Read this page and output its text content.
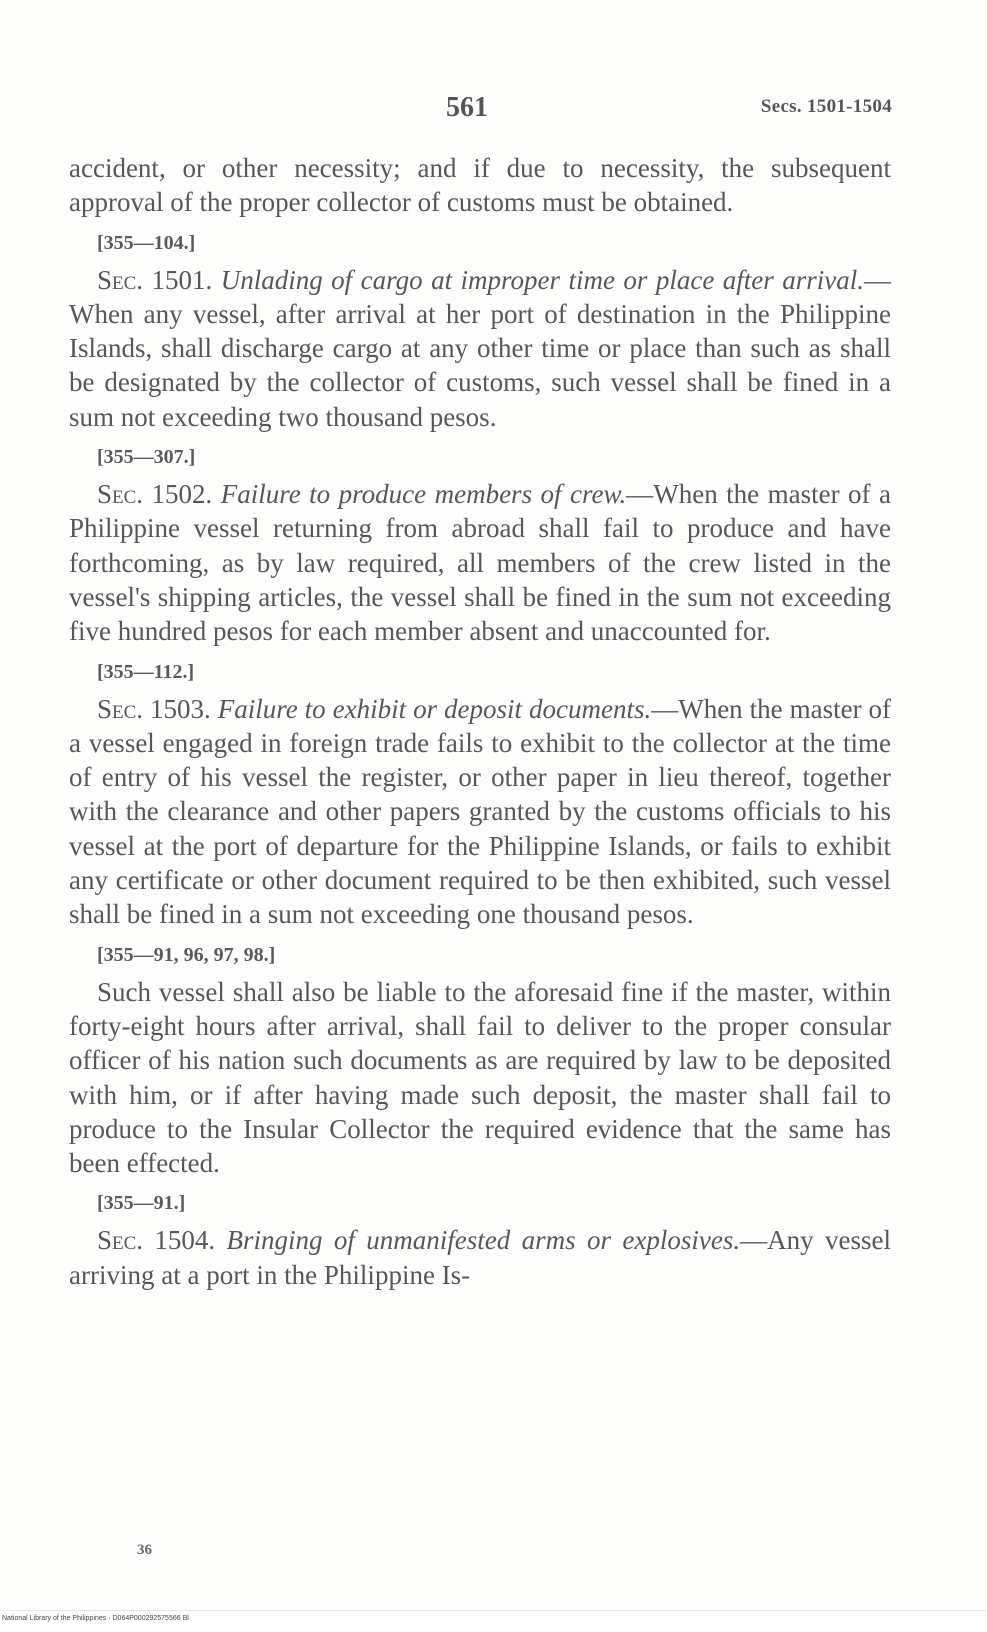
561	Secs. 1501-1504

accident, or other necessity; and if due to necessity, the subsequent approval of the proper collector of customs must be obtained.

[355—104.]

Sec. 1501. Unlading of cargo at improper time or place after arrival.—When any vessel, after arrival at her port of destination in the Philippine Islands, shall discharge cargo at any other time or place than such as shall be designated by the collector of customs, such vessel shall be fined in a sum not exceeding two thousand pesos.

[355—307.]

Sec. 1502. Failure to produce members of crew.—When the master of a Philippine vessel returning from abroad shall fail to produce and have forthcoming, as by law required, all members of the crew listed in the vessel's shipping articles, the vessel shall be fined in the sum not exceeding five hundred pesos for each member absent and unaccounted for.

[355—112.]

Sec. 1503. Failure to exhibit or deposit documents.—When the master of a vessel engaged in foreign trade fails to exhibit to the collector at the time of entry of his vessel the register, or other paper in lieu thereof, together with the clearance and other papers granted by the customs officials to his vessel at the port of departure for the Philippine Islands, or fails to exhibit any certificate or other document required to be then exhibited, such vessel shall be fined in a sum not exceeding one thousand pesos.

[355—91, 96, 97, 98.]

Such vessel shall also be liable to the aforesaid fine if the master, within forty-eight hours after arrival, shall fail to deliver to the proper consular officer of his nation such documents as are required by law to be deposited with him, or if after having made such deposit, the master shall fail to produce to the Insular Collector the required evidence that the same has been effected.

[355—91.]

Sec. 1504. Bringing of unmanifested arms or explosives.—Any vessel arriving at a port in the Philippine Is-

36
National Library of the Philippines · D064P000292575566 Bl
